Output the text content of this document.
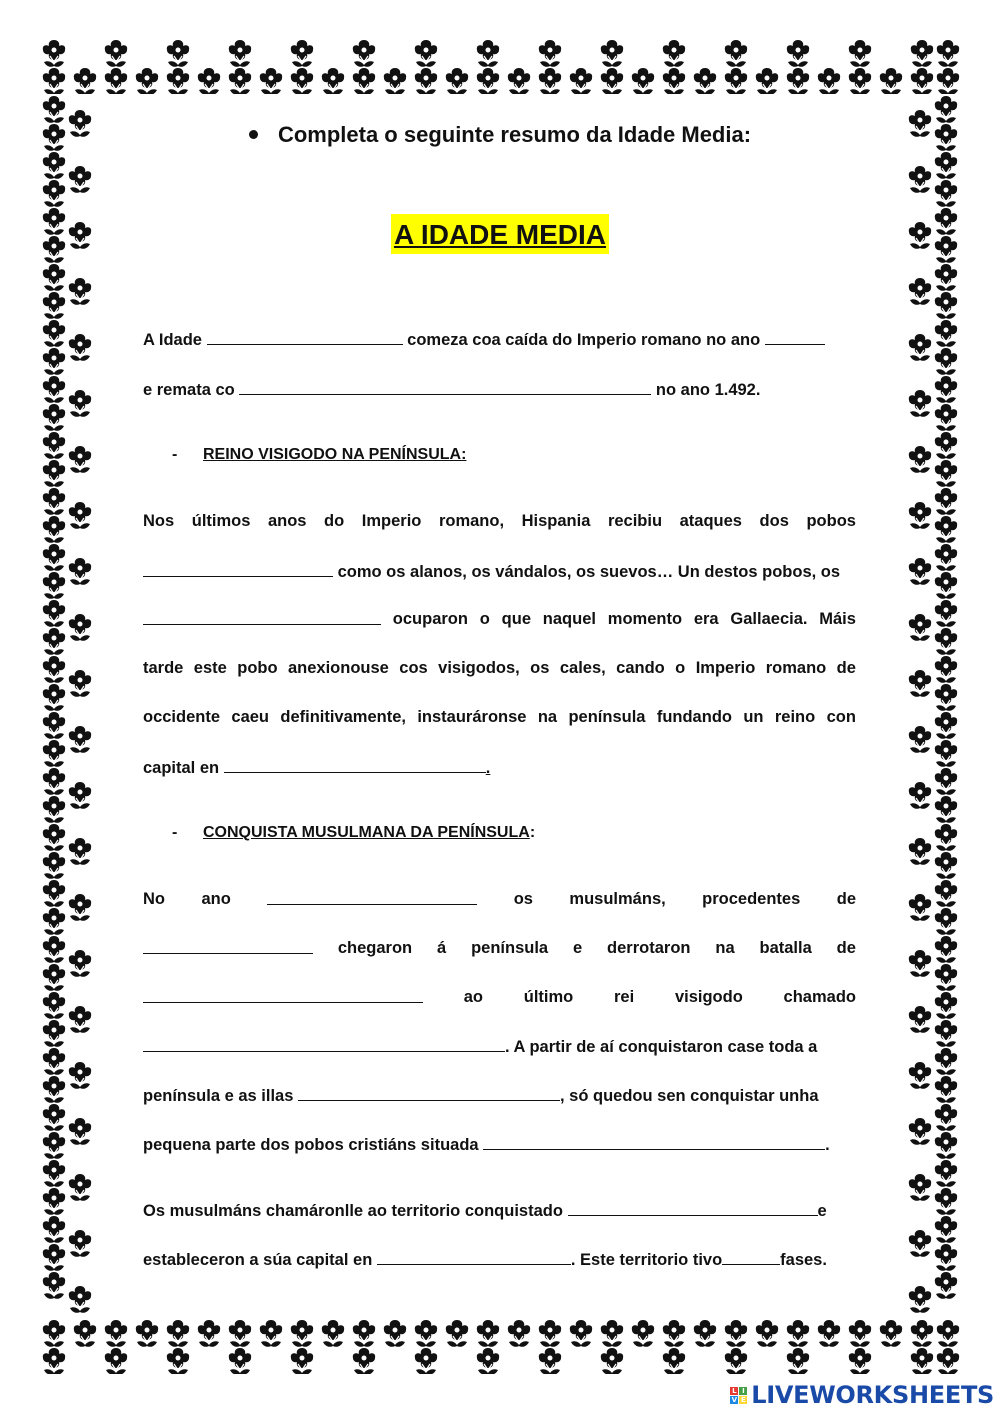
Completa o seguinte resumo da Idade Media:
A IDADE MEDIA
A Idade	comeza coa caída do Imperio romano no ano
e remata co	no ano 1.492.
- REINO VISIGODO NA PENÍNSULA:
Nos últimos anos do Imperio romano, Hispania recibiu ataques dos pobos
como os alanos, os vándalos, os suevos… Un destos pobos, os
ocuparon o que naquel momento era Gallaecia. Máis
tarde este pobo anexionouse cos visigodos, os cales, cando o Imperio romano de
occidente caeu definitivamente, instauráronse na península fundando un reino con
capital en	.
- CONQUISTA MUSULMANA DA PENÍNSULA:
No ano	os musulmáns, procedentes de
chegaron á península e derrotaron na batalla de
ao último rei visigodo chamado
. A partir de aí conquistaron case toda a
península e as illas	, só quedou sen conquistar unha
pequena parte dos pobos cristiáns situada	.
Os musulmáns chamáronlle ao territorio conquistado	e
estableceron a súa capital en	. Este territorio tivo	fases.
L I
V E LIVEWORKSHEETS
